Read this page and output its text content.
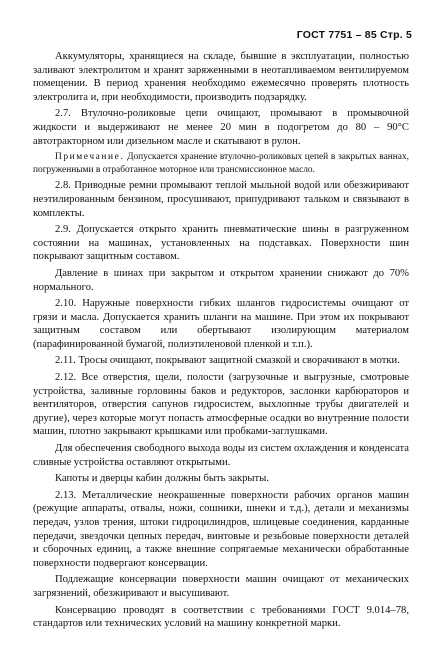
ГОСТ 7751 – 85 Стр. 5

Аккумуляторы, хранящиеся на складе, бывшие в эксплуатации, полностью заливают электролитом и хранят заряженными в неотапливаемом вентилируемом помещении. В период хранения необходимо ежемесячно проверять плотность электролита и, при необходимости, производить подзарядку.

2.7. Втулочно-роликовые цепи очищают, промывают в промывочной жидкости и выдерживают не менее 20 мин в подогретом до 80 – 90°C автотракторном или дизельном масле и скатывают в рулон.

Примечание. Допускается хранение втулочно-роликовых цепей в закрытых ваннах, погруженными в отработанное моторное или трансмиссионное масло.

2.8. Приводные ремни промывают теплой мыльной водой или обезжиривают неэтилированным бензином, просушивают, припудривают тальком и связывают в комплекты.

2.9. Допускается открыто хранить пневматические шины в разгруженном состоянии на машинах, установленных на подставках. Поверхности шин покрывают защитным составом.

Давление в шинах при закрытом и открытом хранении снижают до 70% нормального.

2.10. Наружные поверхности гибких шлангов гидросистемы очищают от грязи и масла. Допускается хранить шланги на машине. При этом их покрывают защитным составом или обертывают изолирующим материалом (парафинированной бумагой, полиэтиленовой пленкой и т.п.).

2.11. Тросы очищают, покрывают защитной смазкой и сворачивают в мотки.

2.12. Все отверстия, щели, полости (загрузочные и выгрузные, смотровые устройства, заливные горловины баков и редукторов, заслонки карбюраторов и вентиляторов, отверстия сапунов гидросистем, выхлопные трубы двигателей и другие), через которые могут попасть атмосферные осадки во внутренние полости машин, плотно закрывают крышками или пробками-заглушками.

Для обеспечения свободного выхода воды из систем охлаждения и конденсата сливные устройства оставляют открытыми.

Капоты и дверцы кабин должны быть закрыты.

2.13. Металлические неокрашенные поверхности рабочих органов машин (режущие аппараты, отвалы, ножи, сошники, шнеки и т.д.), детали и механизмы передач, узлов трения, штоки гидроцилиндров, шлицевые соединения, карданные передачи, звездочки цепных передач, винтовые и резьбовые поверхности деталей и сборочных единиц, а также внешние сопрягаемые механически обработанные поверхности подвергают консервации.

Подлежащие консервации поверхности машин очищают от механических загрязнений, обезжиривают и высушивают.

Консервацию проводят в соответствии с требованиями ГОСТ 9.014–78, стандартов или технических условий на машину конкретной марки.
